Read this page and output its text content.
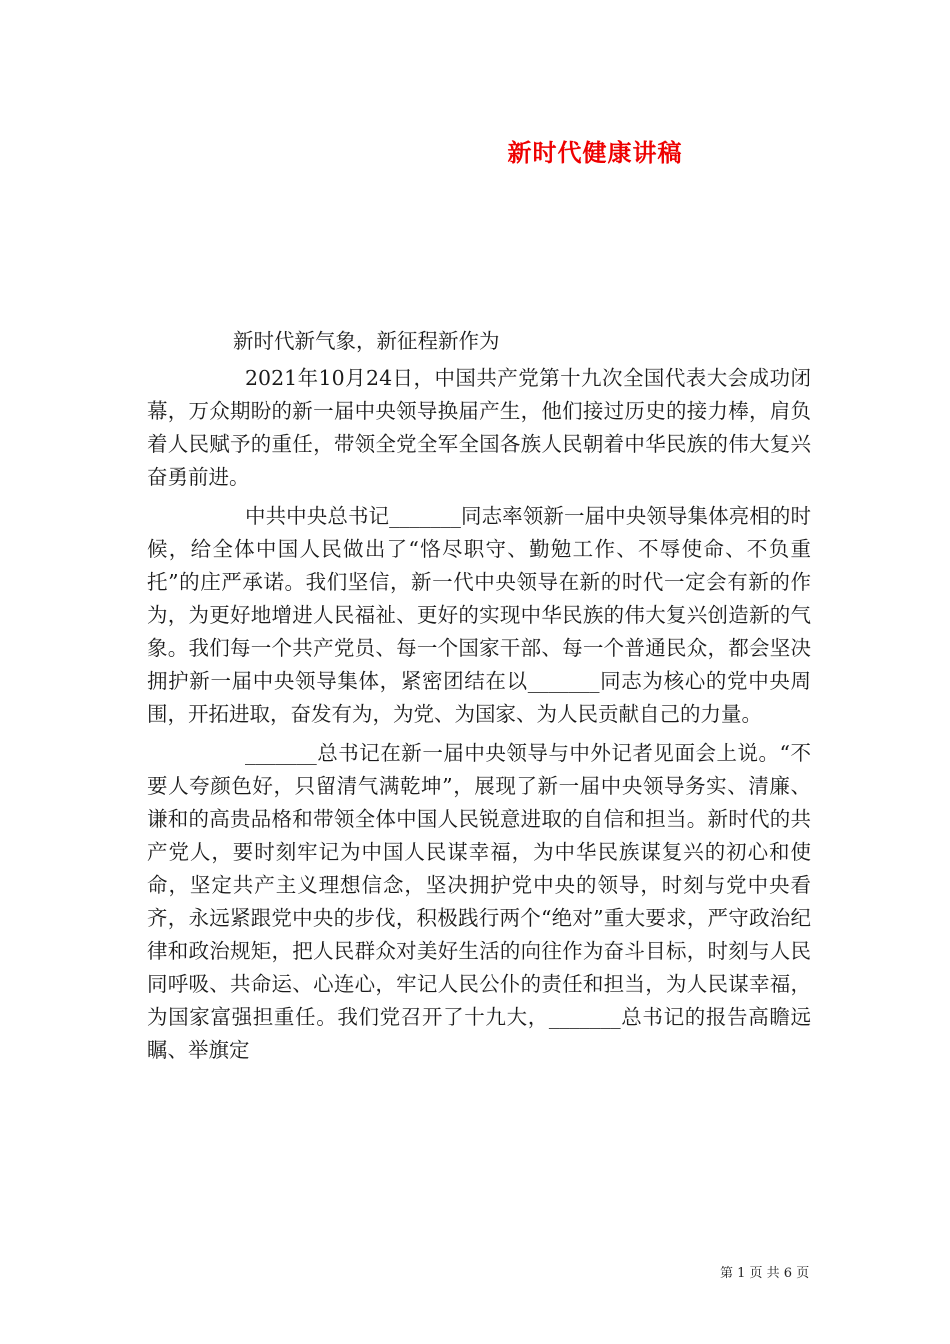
新时代健康讲稿

新时代新气象，新征程新作为

2021年10月24日，中国共产党第十九次全国代表大会成功闭幕，万众期盼的新一届中央领导换届产生，他们接过历史的接力棒，肩负着人民赋予的重任，带领全党全军全国各族人民朝着中华民族的伟大复兴奋勇前进。

中共中央总书记_______同志率领新一届中央领导集体亮相的时候，给全体中国人民做出了“恪尽职守、勤勉工作、不辱使命、不负重托”的庄严承诺。我们坚信，新一代中央领导在新的时代一定会有新的作为，为更好地增进人民福祉、更好的实现中华民族的伟大复兴创造新的气象。我们每一个共产党员、每一个国家干部、每一个普通民众，都会坚决拥护新一届中央领导集体，紧密团结在以_______同志为核心的党中央周围，开拓进取，奋发有为，为党、为国家、为人民贡献自己的力量。

_______总书记在新一届中央领导与中外记者见面会上说。“不要人夸颜色好，只留清气满乾坤”，展现了新一届中央领导务实、清廉、谦和的高贵品格和带领全体中国人民锐意进取的自信和担当。新时代的共产党人，要时刻牢记为中国人民谋幸福，为中华民族谋复兴的初心和使命，坚定共产主义理想信念，坚决拥护党中央的领导，时刻与党中央看齐，永远紧跟党中央的步伐，积极践行两个“绝对”重大要求，严守政治纪律和政治规矩，把人民群众对美好生活的向往作为奋斗目标，时刻与人民同呼吸、共命运、心连心，牢记人民公仆的责任和担当，为人民谋幸福，为国家富强担重任。我们党召开了十九大，_______总书记的报告高瞻远瞩、举旗定

第 1 页 共 6 页
